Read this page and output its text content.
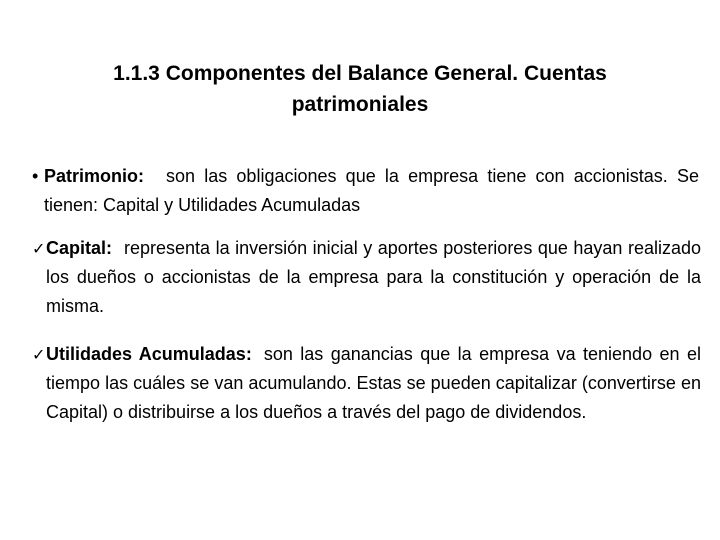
1.1.3 Componentes del Balance General. Cuentas patrimoniales
• Patrimonio: son las obligaciones que la empresa tiene con accionistas. Se tienen: Capital y Utilidades Acumuladas
✓Capital: representa la inversión inicial y aportes posteriores que hayan realizado los dueños o accionistas de la empresa para la constitución y operación de la misma.
✓Utilidades Acumuladas: son las ganancias que la empresa va teniendo en el tiempo las cuáles se van acumulando. Estas se pueden capitalizar (convertirse en Capital) o distribuirse a los dueños a través del pago de dividendos.
